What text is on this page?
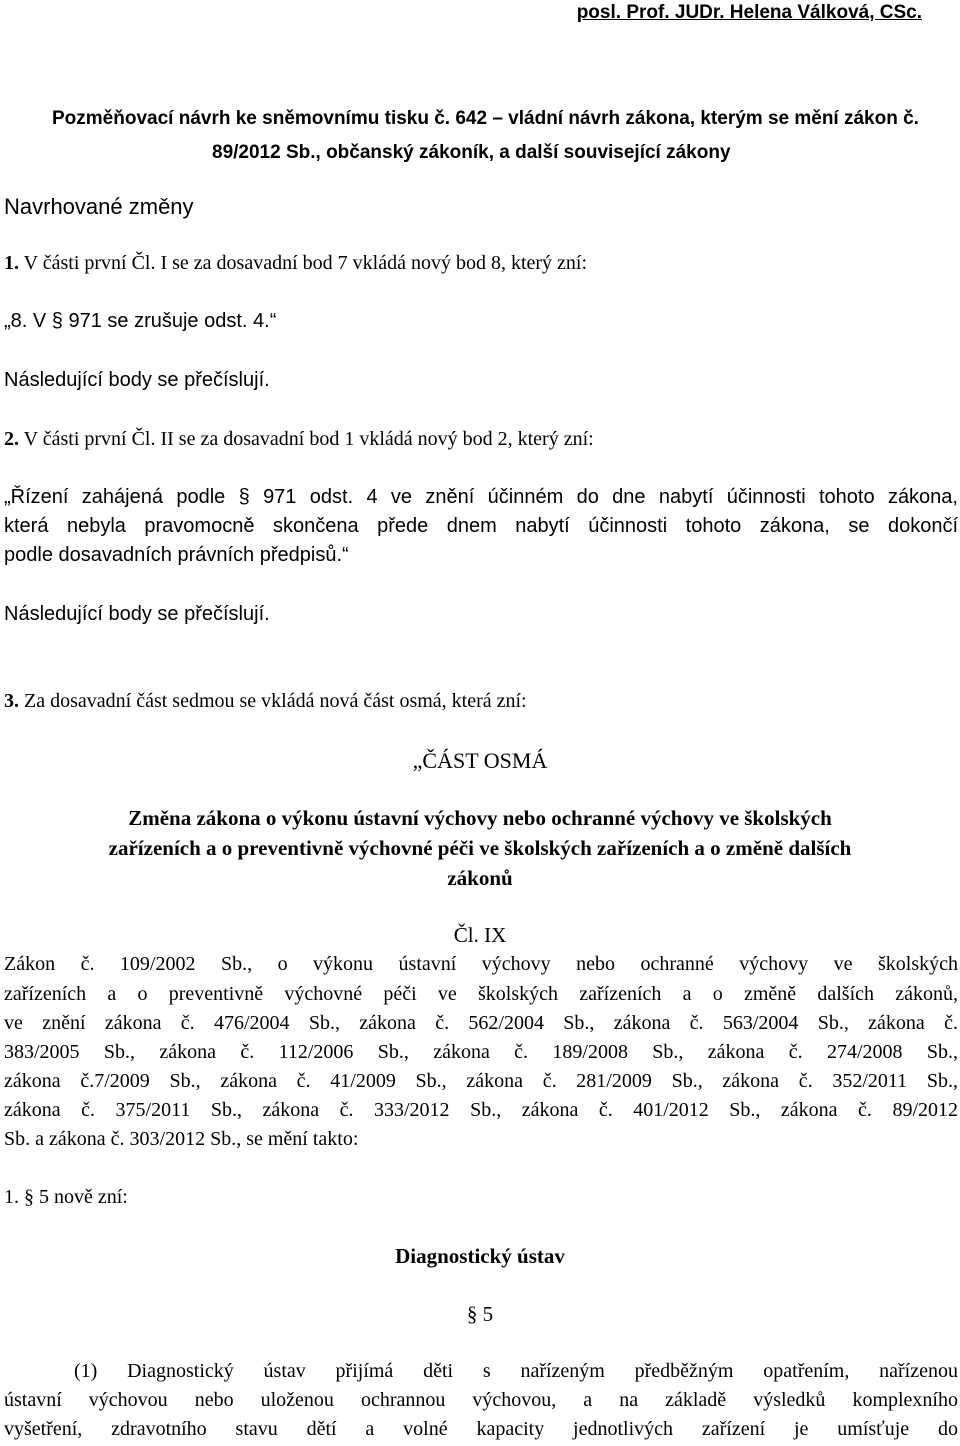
posl. Prof. JUDr. Helena Válková, CSc.
Pozměňovací návrh ke sněmovnímu tisku č. 642 – vládní návrh zákona, kterým se mění zákon č.
89/2012 Sb., občanský zákoník, a další související zákony
Navrhované změny
1. V části první Čl. I se za dosavadní bod 7 vkládá nový bod 8, který zní:
„8. V § 971 se zrušuje odst. 4.“
Následující body se přečíslují.
2. V části první Čl. II se za dosavadní bod 1 vkládá nový bod 2, který zní:
„Řízení zahájená podle § 971 odst. 4 ve znění účinném do dne nabytí účinnosti tohoto zákona,
která nebyla pravomocně skončena přede dnem nabytí účinnosti tohoto zákona, se dokončí
podle dosavadních právních předpisů.“
Následující body se přečíslují.
3. Za dosavadní část sedmou se vkládá nová část osmá, která zní:
„ČÁST OSMÁ
Změna zákona o výkonu ústavní výchovy nebo ochranné výchovy ve školských
zařízeních a o preventivně výchovné péči ve školských zařízeních a o změně dalších
zákonů
Čl. IX
Zákon č. 109/2002 Sb., o výkonu ústavní výchovy nebo ochranné výchovy ve školských
zařízeních a o preventivně výchovné péči ve školských zařízeních a o změně dalších zákonů,
ve znění zákona č. 476/2004 Sb., zákona č. 562/2004 Sb., zákona č. 563/2004 Sb., zákona č.
383/2005 Sb., zákona č. 112/2006 Sb., zákona č. 189/2008 Sb., zákona č. 274/2008 Sb.,
zákona č.7/2009 Sb., zákona č. 41/2009 Sb., zákona č. 281/2009 Sb., zákona č. 352/2011 Sb.,
zákona č. 375/2011 Sb., zákona č. 333/2012 Sb., zákona č. 401/2012 Sb., zákona č. 89/2012
Sb. a zákona č. 303/2012 Sb., se mění takto:
1. § 5 nově zní:
Diagnostický ústav
§ 5
(1) Diagnostický ústav přijímá děti s nařízeným předběžným opatřením, nařízenou
ústavní výchovou nebo uloženou ochrannou výchovou, a na základě výsledků komplexního
vyšetření, zdravotního stavu dětí a volné kapacity jednotlivých zařízení je umísťuje do
